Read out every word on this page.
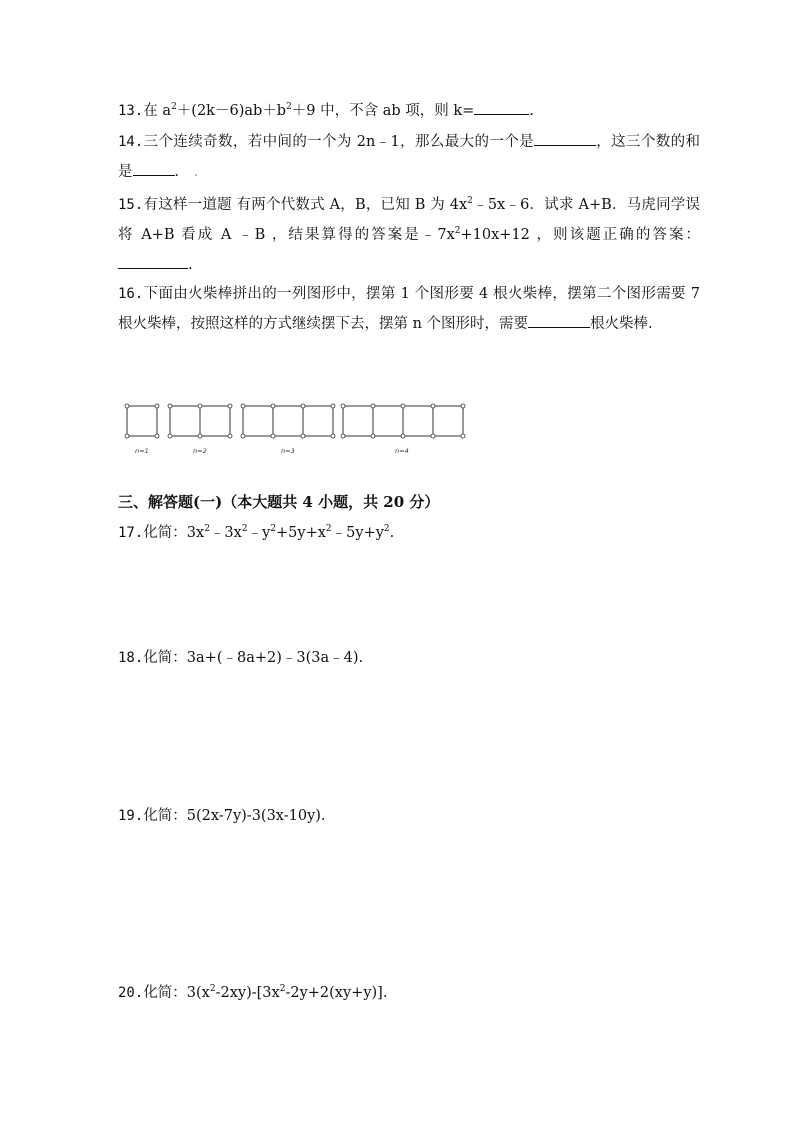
13.在 $a^2+(2k-6)ab+b^2+9$ 中，不含 ab 项，则 k=	.

14.三个连续奇数，若中间的一个为 2n﹣1，那么最大的一个是	，这三个数的和是	． .

15.有这样一道题 有两个代数式 A，B，已知 B 为 $4x^2﹣5x﹣6$．试求 A+B．马虎同学误将 A+B 看成 A ﹣B ，结果算得的答案是$﹣7x^2+10x+12$ ，则该题正确的答案：.

16.下面由火柴棒拼出的一列图形中，摆第 1 个图形要 4 根火柴棒，摆第二个图形需要 7 根火柴棒，按照这样的方式继续摆下去，摆第 n 个图形时，需要	根火柴棒.

n=1	n=2	n=3	n=4

三、解答题(一)（本大题共 4 小题，共 20 分）

17.化简：$3x^2﹣3x^2﹣y^2+5y+x^2﹣5y+y^2$.

18.化简：3a+(﹣8a+2)﹣3(3a﹣4).

19.化简：5(2x-7y)-3(3x-10y).

20.化简：$3(x^2-2xy)-[3x^2-2y+2(xy+y)]$.
